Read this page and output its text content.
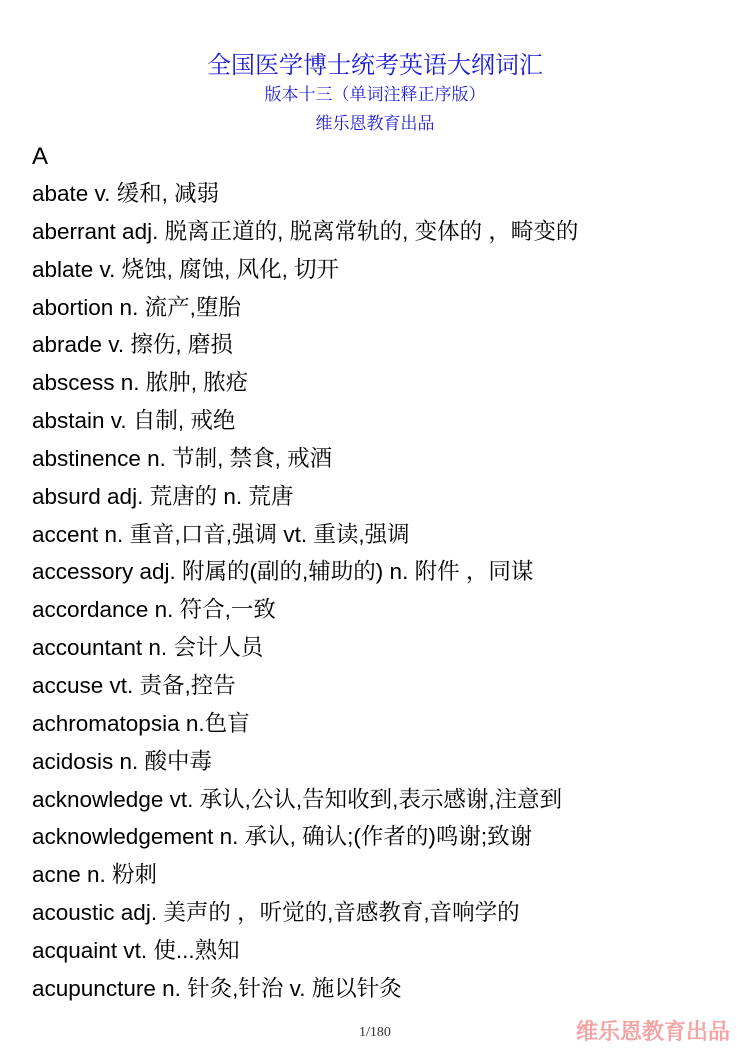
全国医学博士统考英语大纲词汇
版本十三（单词注释正序版）
维乐恩教育出品
A
abate v. 缓和, 减弱
aberrant adj. 脱离正道的, 脱离常轨的, 变体的 ，畸变的
ablate v. 烧蚀, 腐蚀, 风化, 切开
abortion n. 流产,堕胎
abrade v. 擦伤, 磨损
abscess n. 脓肿, 脓疮
abstain v. 自制, 戒绝
abstinence n. 节制, 禁食, 戒酒
absurd adj. 荒唐的 n. 荒唐
accent n. 重音,口音,强调 vt. 重读,强调
accessory adj. 附属的(副的,辅助的) n. 附件 ，同谋
accordance n. 符合,一致
accountant n. 会计人员
accuse vt. 责备,控告
achromatopsia n.色盲
acidosis n. 酸中毒
acknowledge vt. 承认,公认,告知收到,表示感谢,注意到
acknowledgement n. 承认, 确认;(作者的)鸣谢;致谢
acne n. 粉刺
acoustic adj. 美声的 ，听觉的,音感教育,音响学的
acquaint vt. 使...熟知
acupuncture n. 针灸,针治 v. 施以针灸
1/180	维乐恩教育出品
